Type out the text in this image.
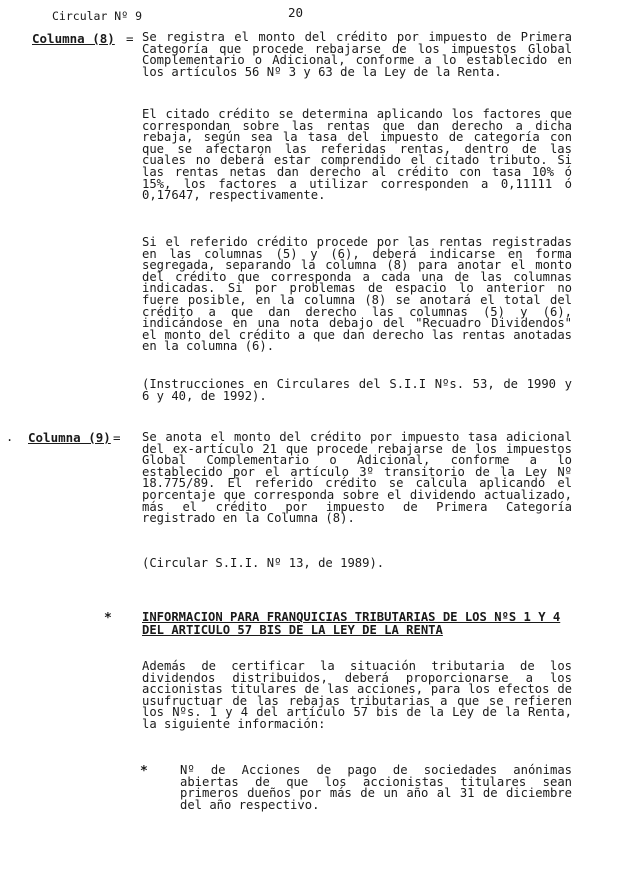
Circular Nº 9	20
Columna (8) = Se registra el monto del crédito por impuesto de Primera Categoría que procede rebajarse de los impuestos Global Complementario o Adicional, conforme a lo establecido en los artículos 56 Nº 3 y 63 de la Ley de la Renta.

El citado crédito se determina aplicando los factores que correspondan sobre las rentas que dan derecho a dicha rebaja, según sea la tasa del impuesto de categoría con que se afectaron las referidas rentas, dentro de las cuales no deberá estar comprendido el citado tributo. Si las rentas netas dan derecho al crédito con tasa 10% ó 15%, los factores a utilizar corresponden a 0,11111 ó 0,17647, respectivamente.

Si el referido crédito procede por las rentas registradas en las columnas (5) y (6), deberá indicarse en forma segregada, separando la columna (8) para anotar el monto del crédito que corresponda a cada una de las columnas indicadas. Si por problemas de espacio lo anterior no fuere posible, en la columna (8) se anotará el total del crédito a que dan derecho las columnas (5) y (6), indicándose en una nota debajo del "Recuadro Dividendos" el monto del crédito a que dan derecho las rentas anotadas en la columna (6).

(Instrucciones en Circulares del S.I.I Nºs. 53, de 1990 y 6 y 40, de 1992).

. Columna (9) = Se anota el monto del crédito por impuesto tasa adicional del ex-artículo 21 que procede rebajarse de los impuestos Global Complementario o Adicional, conforme a lo establecido por el artículo 3º transitorio de la Ley Nº 18.775/89. El referido crédito se calcula aplicando el porcentaje que corresponda sobre el dividendo actualizado, más el crédito por impuesto de Primera Categoría registrado en la Columna (8).

(Circular S.I.I. Nº 13, de 1989).

* INFORMACION PARA FRANQUICIAS TRIBUTARIAS DE LOS NºS 1 Y 4 DEL ARTICULO 57 BIS DE LA LEY DE LA RENTA

Además de certificar la situación tributaria de los dividendos distribuidos, deberá proporcionarse a los accionistas titulares de las acciones, para los efectos de usufructuar de las rebajas tributarias a que se refieren los Nºs. 1 y 4 del artículo 57 bis de la Ley de la Renta, la siguiente información:

*	Nº de Acciones de pago de sociedades anónimas abiertas de que los accionistas titulares sean primeros dueños por más de un año al 31 de diciembre del año respectivo.
